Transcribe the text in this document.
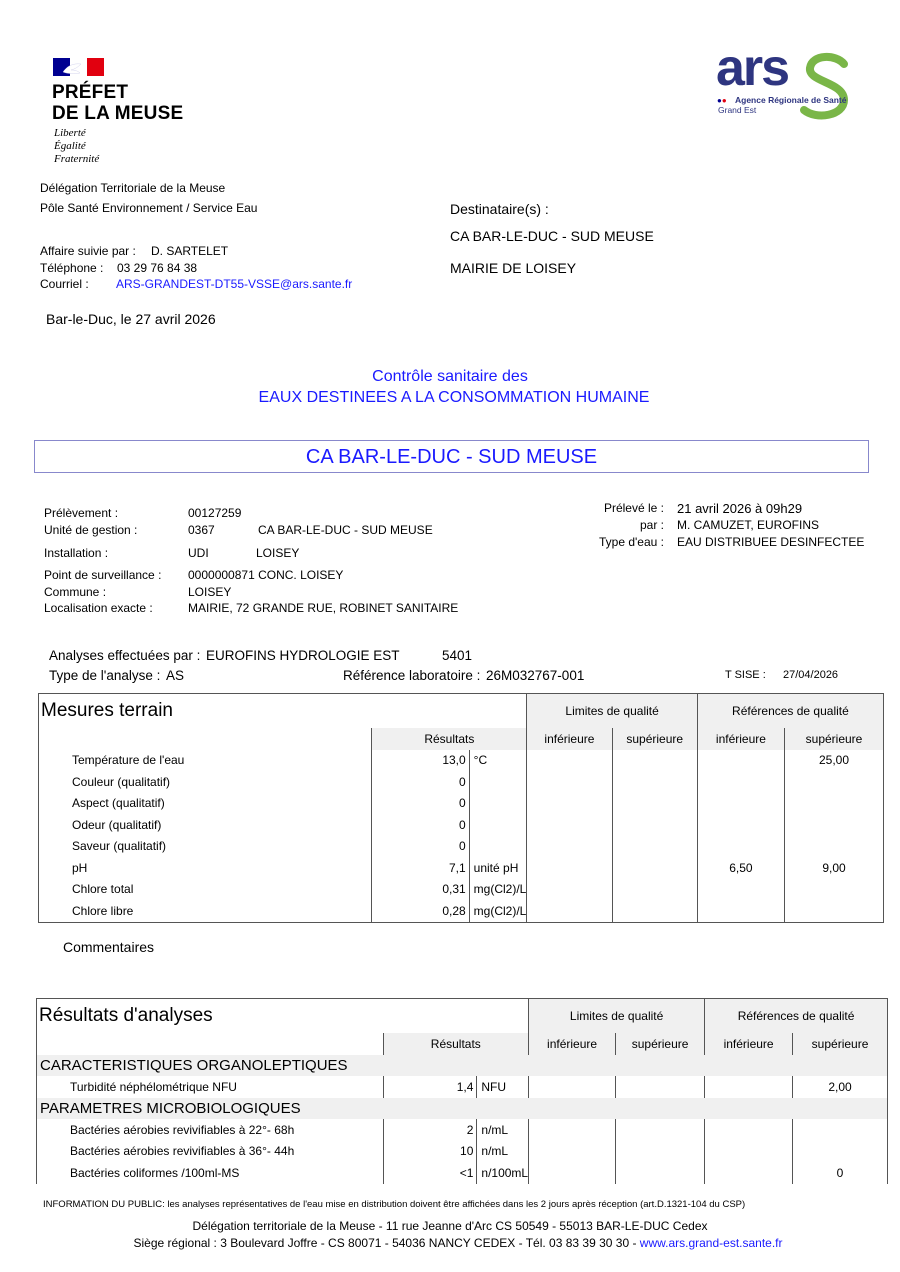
PRÉFET
DE LA MEUSE
Liberté
Égalité
Fraternité
ars
●● Agence Régionale de Santé
Grand Est
Délégation Territoriale de la Meuse
Pôle Santé Environnement / Service Eau
Affaire suivie par : D. SARTELET
Téléphone : 03 29 76 84 38
Courriel : ARS-GRANDEST-DT55-VSSE@ars.sante.fr
Destinataire(s) :
CA BAR-LE-DUC - SUD MEUSE
MAIRIE DE LOISEY
Bar-le-Duc, le 27 avril 2026
Contrôle sanitaire des
EAUX DESTINEES A LA CONSOMMATION HUMAINE
CA BAR-LE-DUC - SUD MEUSE
Prélèvement :	00127259
Unité de gestion :	0367	CA BAR-LE-DUC - SUD MEUSE
Installation :	UDI	LOISEY
Point de surveillance : 0000000871 CONC. LOISEY
Commune :	LOISEY
Localisation exacte :	MAIRIE, 72 GRANDE RUE, ROBINET SANITAIRE
Prélevé le : 21 avril 2026 à 09h29
par : M. CAMUZET, EUROFINS
Type d'eau : EAU DISTRIBUEE DESINFECTEE
Analyses effectuées par : EUROFINS HYDROLOGIE EST	5401
Type de l'analyse : AS	Référence laboratoire : 26M032767-001	T SISE : 27/04/2026
Mesures terrain			Limites de qualité		Références de qualité	
	Résultats		inférieure	supérieure	inférieure	supérieure
Température de l'eau	13,0	°C				25,00
Couleur (qualitatif)	0					
Aspect (qualitatif)	0					
Odeur (qualitatif)	0					
Saveur (qualitatif)	0					
pH	7,1	unité pH			6,50	9,00
Chlore total	0,31	mg(Cl2)/L				
Chlore libre	0,28	mg(Cl2)/L				
Commentaires
Résultats d'analyses			Limites de qualité		Références de qualité	
	Résultats		inférieure	supérieure	inférieure	supérieure
CARACTERISTIQUES ORGANOLEPTIQUES						
Turbidité néphélométrique NFU	1,4	NFU				2,00
PARAMETRES MICROBIOLOGIQUES						
Bactéries aérobies revivifiables à 22°- 68h	2	n/mL				
Bactéries aérobies revivifiables à 36°- 44h	10	n/mL				
Bactéries coliformes /100ml-MS	<1	n/100mL				0
INFORMATION DU PUBLIC: les analyses représentatives de l'eau mise en distribution doivent être affichées dans les 2 jours après réception (art.D.1321-104 du CSP)
Délégation territoriale de la Meuse - 11 rue Jeanne d'Arc CS 50549 - 55013 BAR-LE-DUC Cedex
Siège régional : 3 Boulevard Joffre - CS 80071 - 54036 NANCY CEDEX - Tél. 03 83 39 30 30 - www.ars.grand-est.sante.fr
